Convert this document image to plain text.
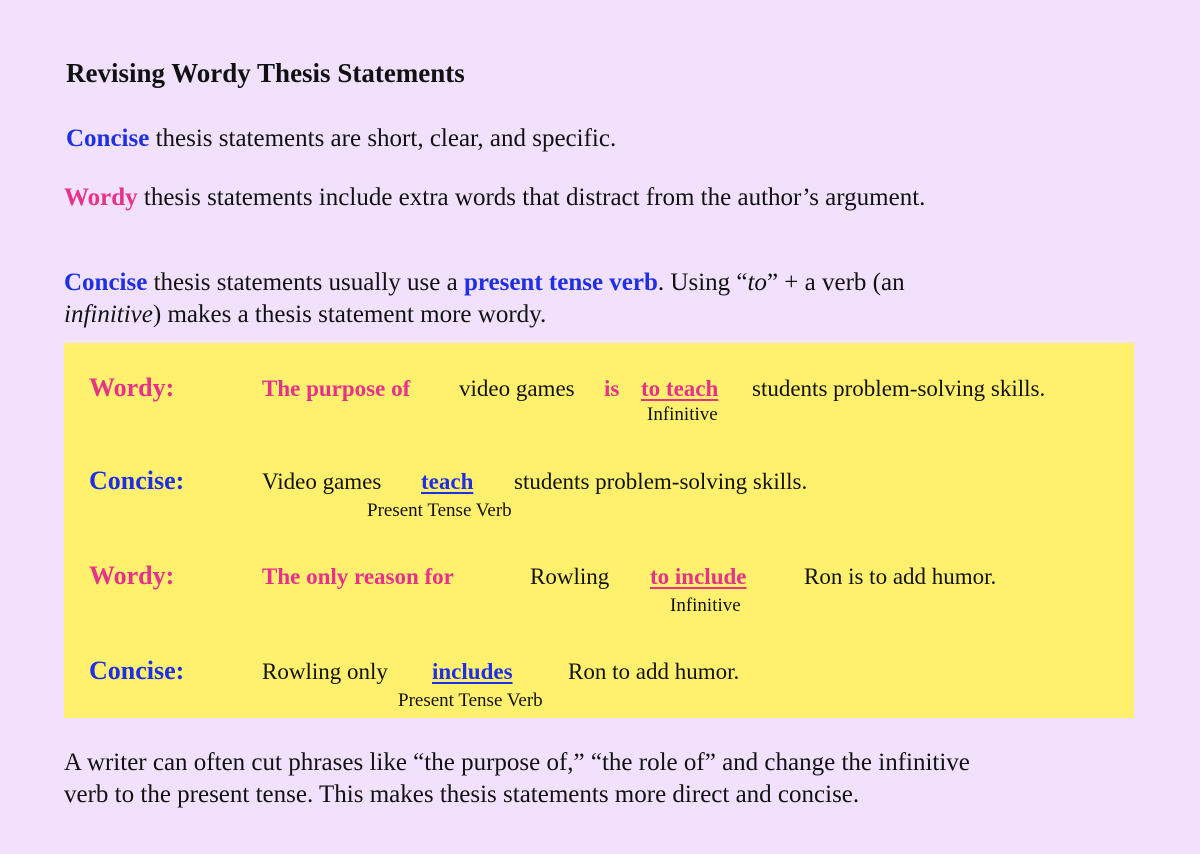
Revising Wordy Thesis Statements
Concise thesis statements are short, clear, and specific.
Wordy thesis statements include extra words that distract from the author’s argument.
Concise thesis statements usually use a present tense verb. Using “to” + a verb (an
infinitive) makes a thesis statement more wordy.
Wordy:	The purpose of video games is to teach students problem-solving skills.
Infinitive
Concise:	Video games teach students problem-solving skills.
Present Tense Verb
Wordy:	The only reason for	Rowling to include	Ron is to add humor.
Infinitive
Concise:	Rowling only includes Ron to add humor.
Present Tense Verb
A writer can often cut phrases like “the purpose of,” “the role of” and change the infinitive
verb to the present tense. This makes thesis statements more direct and concise.
